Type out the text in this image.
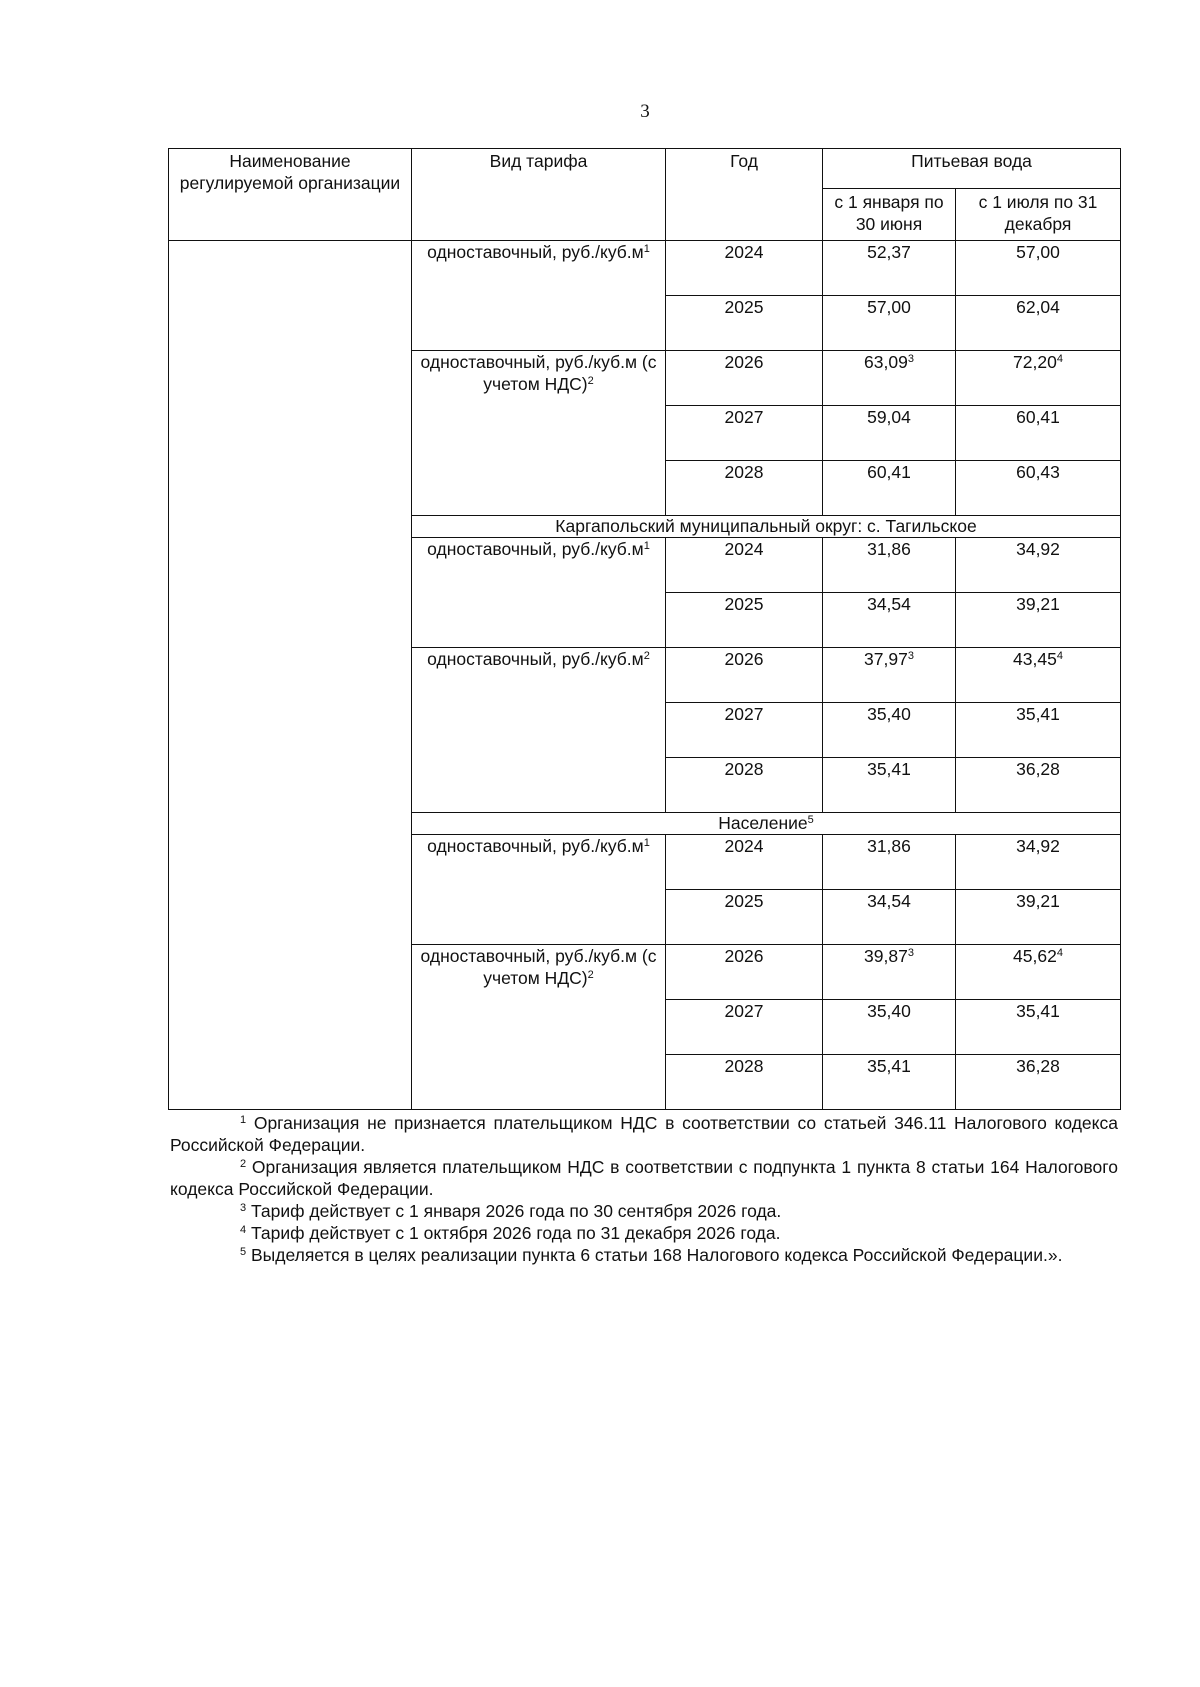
3
Наименование регулируемой организации	Вид тарифа	Год	Питьевая вода	
			с 1 января по 30 июня	с 1 июля по 31 декабря
	одноставочный, $руб./куб.м^1$	2024	52,37	57,00
		2025	57,00	62,04
	одноставочный, руб./куб.м (с учетом НДС)$^2$	2026	63,09$^3$	72,20$^4$
		2027	59,04	60,41
		2028	60,41	60,43
	Каргапольский муниципальный округ: с. Тагильское			
	одноставочный, $руб./куб.м^1$	2024	31,86	34,92
		2025	34,54	39,21
	одноставочный, $руб./куб.м^2$	2026	37,97$^3$	43,45$^4$
		2027	35,40	35,41
		2028	35,41	36,28
	Население$^5$
	одноставочный, $руб./куб.м^1$	2024	31,86	34,92
		2025	34,54	39,21
	одноставочный, руб./куб.м (с учетом НДС)$^2$	2026	39,87$^3$	45,62$^4$
		2027	35,40	35,41
		2028	35,41	36,28

$^1$ Организация не признается плательщиком НДС в соответствии со статьей 346.11 Налогового кодекса Российской Федерации.

$^2$ Организация является плательщиком НДС в соответствии с подпункта 1 пункта 8 статьи 164 Налогового кодекса Российской Федерации.

$^3$ Тариф действует с 1 января 2026 года по 30 сентября 2026 года.

$^4$ Тариф действует с 1 октября 2026 года по 31 декабря 2026 года.

$^5$ Выделяется в целях реализации пункта 6 статьи 168 Налогового кодекса Российской Федерации.».
